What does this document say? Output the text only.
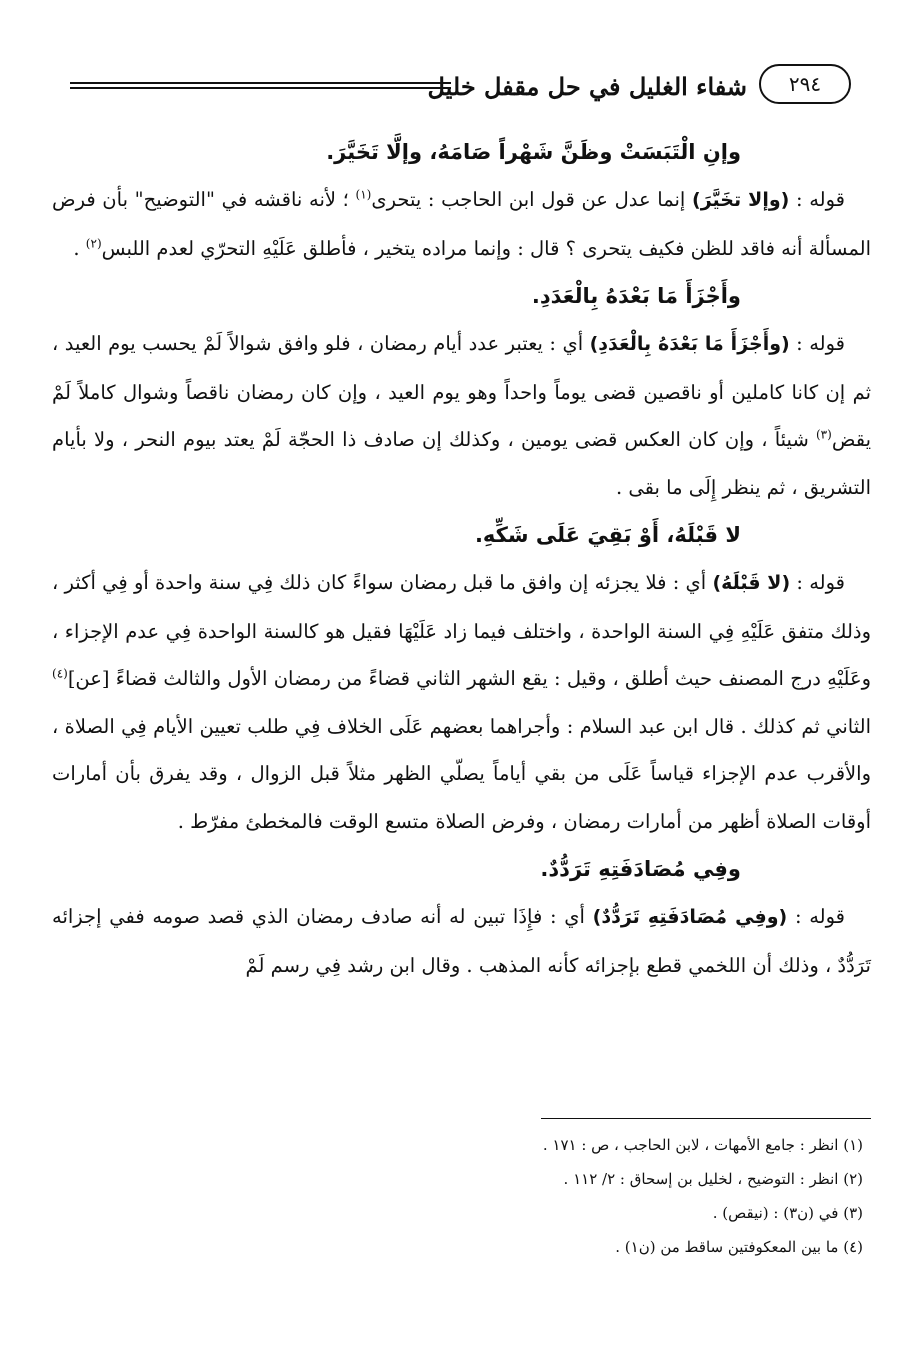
٢٩٤
شفاء الغليل في حل مقفل خليل

وإنِ الْتَبَسَتْ وظَنَّ شَهْراً صَامَهُ، وإلَّا تَخَيَّرَ.

قوله : (وإلا تخَيَّرَ) إنما عدل عن قول ابن الحاجب : يتحرى$^{(١)}$ ؛ لأنه ناقشه في "التوضيح" بأن فرض المسألة أنه فاقد للظن فكيف يتحرى ؟ قال : وإنما مراده يتخير ، فأطلق عَلَيْهِ التحرّي لعدم اللبس$^{(٢)}$ .

وأَجْزَأَ مَا بَعْدَهُ بِالْعَدَدِ.

قوله : (وأَجْزَأَ مَا بَعْدَهُ بِالْعَدَدِ) أي : يعتبر عدد أيام رمضان ، فلو وافق شوالاً لَمْ يحسب يوم العيد ، ثم إن كانا كاملين أو ناقصين قضى يوماً واحداً وهو يوم العيد ، وإن كان رمضان ناقصاً وشوال كاملاً لَمْ يقض$^{(٣)}$ شيئاً ، وإن كان العكس قضى يومين ، وكذلك إن صادف ذا الحجّة لَمْ يعتد بيوم النحر ، ولا بأيام التشريق ، ثم ينظر إِلَى ما بقى .

لا قَبْلَهُ، أَوْ بَقِيَ عَلَى شَكِّهِ.

قوله : (لا قَبْلَهُ) أي : فلا يجزئه إن وافق ما قبل رمضان سواءً كان ذلك فِي سنة واحدة أو فِي أكثر ، وذلك متفق عَلَيْهِ فِي السنة الواحدة ، واختلف فيما زاد عَلَيْهَا فقيل هو كالسنة الواحدة فِي عدم الإجزاء ، وعَلَيْهِ درج المصنف حيث أطلق ، وقيل : يقع الشهر الثاني قضاءً من رمضان الأول والثالث قضاءً [عن]$^{(٤)}$ الثاني ثم كذلك . قال ابن عبد السلام : وأجراهما بعضهم عَلَى الخلاف فِي طلب تعيين الأيام فِي الصلاة ، والأقرب عدم الإجزاء قياساً عَلَى من بقي أياماً يصلّي الظهر مثلاً قبل الزوال ، وقد يفرق بأن أمارات أوقات الصلاة أظهر من أمارات رمضان ، وفرض الصلاة متسع الوقت فالمخطئ مفرّط .

وفِي مُصَادَفَتِهِ تَرَدُّدٌ.

قوله : (وفِي مُصَادَفَتِهِ تَرَدُّدٌ) أي : فإِذَا تبين له أنه صادف رمضان الذي قصد صومه ففي إجزائه تَرَدُّدٌ ، وذلك أن اللخمي قطع بإجزائه كأنه المذهب . وقال ابن رشد فِي رسم لَمْ

(١) انظر : جامع الأمهات ، لابن الحاجب ، ص : ١٧١ .

(٢) انظر : التوضيح ، لخليل بن إسحاق : ٢/ ١١٢ .

(٣) في (ن٣) : (نيقص) .

(٤) ما بين المعكوفتين ساقط من (ن١) .
